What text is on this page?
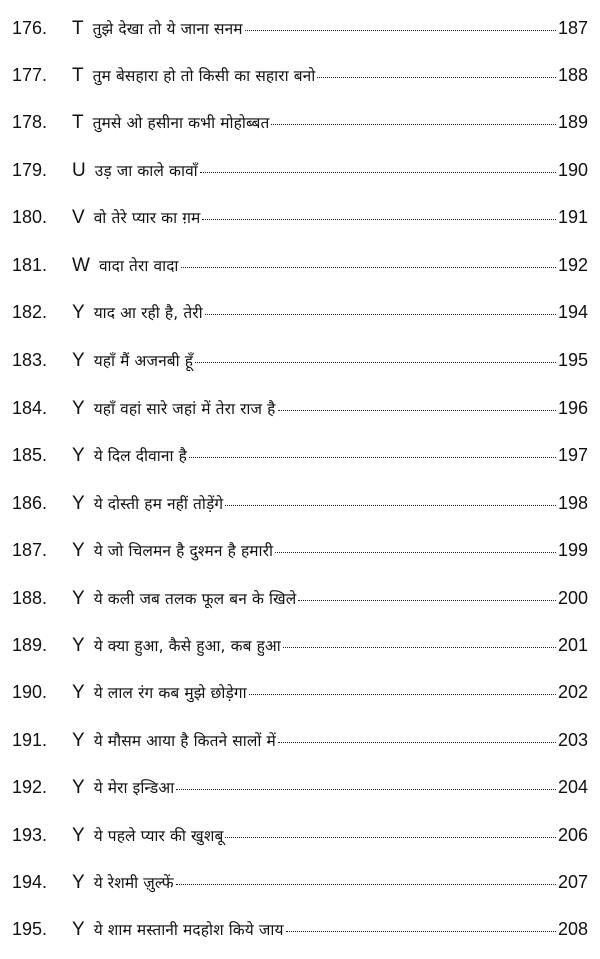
176.	T तुझे देखा तो ये जाना सनम	187
177.	T तुम बेसहारा हो तो किसी का सहारा बनो	188
178.	T तुमसे ओ हसीना कभी मोहोब्बत	189
179.	U उड़ जा काले कावाँ	190
180.	V वो तेरे प्यार का ग़म	191
181.	W वादा तेरा वादा	192
182.	Y याद आ रही है, तेरी	194
183.	Y यहाँ मैं अजनबी हूँ	195
184.	Y यहाँ वहां सारे जहां में तेरा राज है	196
185.	Y ये दिल दीवाना है	197
186.	Y ये दोस्ती हम नहीं तोड़ेंगे	198
187.	Y ये जो चिलमन है दुश्मन है हमारी	199
188.	Y ये कली जब तलक फूल बन के खिले	200
189.	Y ये क्या हुआ, कैसे हुआ, कब हुआ	201
190.	Y ये लाल रंग कब मुझे छोड़ेगा	202
191.	Y ये मौसम आया है कितने सालों में	203
192.	Y ये मेरा इन्डिआ	204
193.	Y ये पहले प्यार की खुशबू	206
194.	Y ये रेशमी ज़ुल्फें	207
195.	Y ये शाम मस्तानी मदहोश किये जाय	208
